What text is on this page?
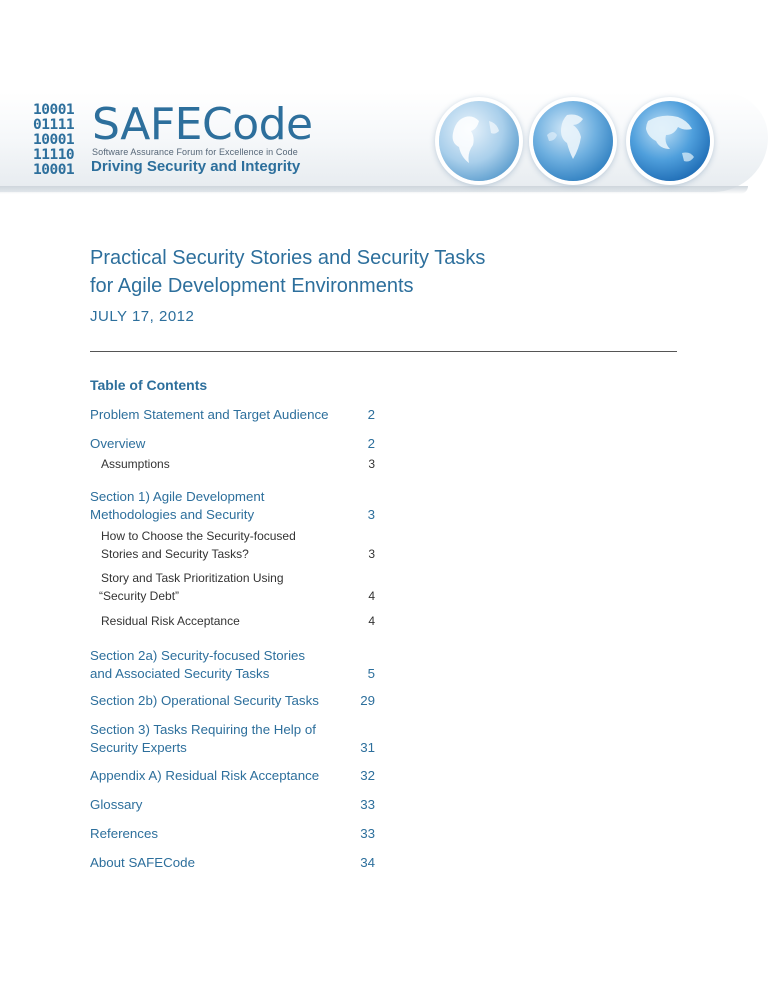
10001
01111
10001
11110
10001
SAFECode
Software Assurance Forum for Excellence in Code
Driving Security and Integrity
Practical Security Stories and Security Tasks
for Agile Development Environments
JULY 17, 2012
Table of Contents
Problem Statement and Target Audience	2
Overview	2
Assumptions	3
Section 1) Agile Development
Methodologies and Security	3
How to Choose the Security-focused
Stories and Security Tasks?	3
Story and Task Prioritization Using
“Security Debt”	4
Residual Risk Acceptance	4
Section 2a) Security-focused Stories
and Associated Security Tasks	5
Section 2b) Operational Security Tasks	29
Section 3) Tasks Requiring the Help of
Security Experts	31
Appendix A) Residual Risk Acceptance	32
Glossary	33
References	33
About SAFECode	34
